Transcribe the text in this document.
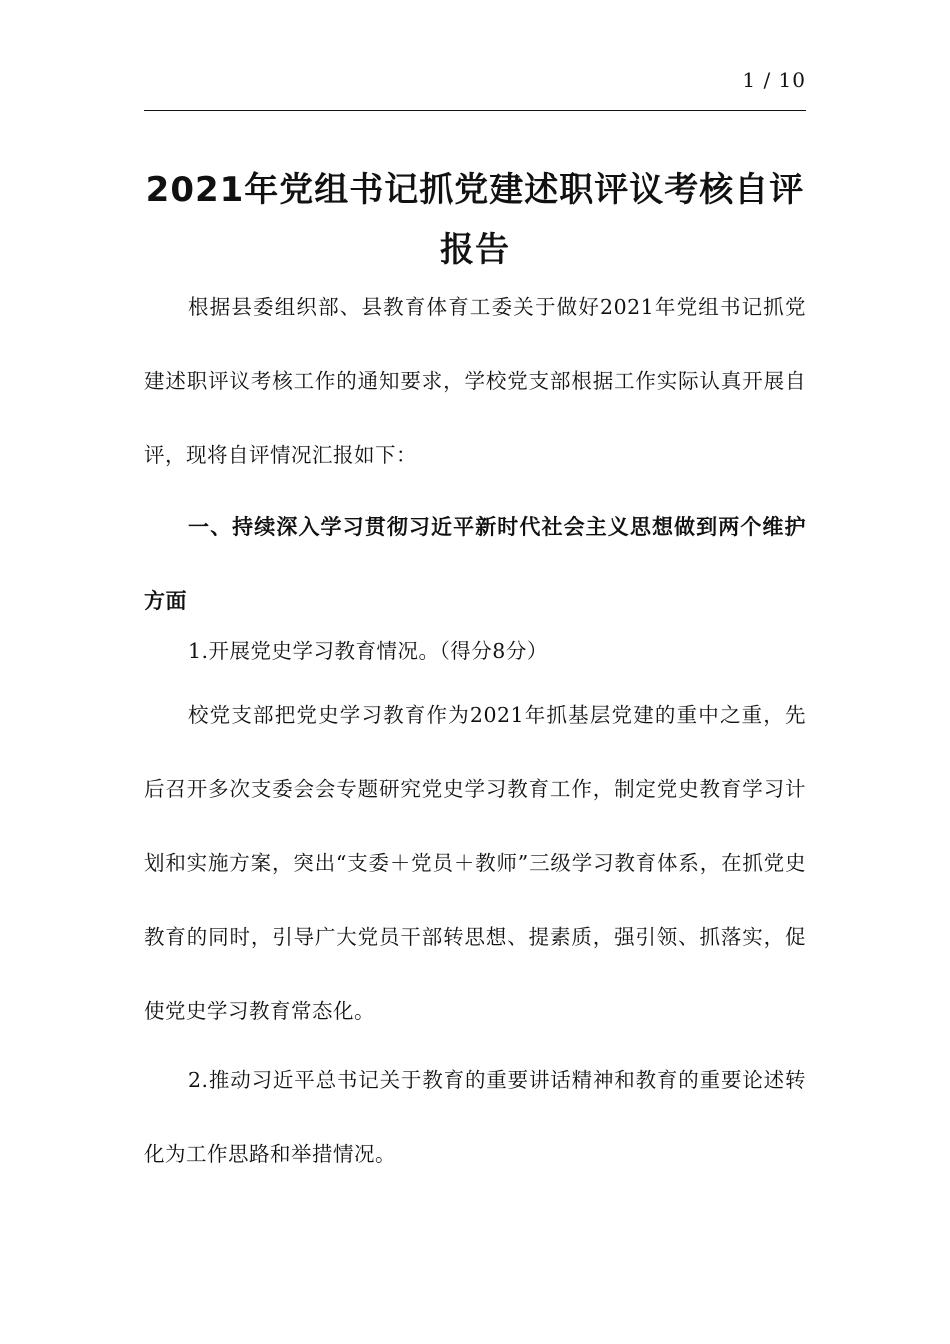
1 / 10
2021年党组书记抓党建述职评议考核自评报告

根据县委组织部、县教育体育工委关于做好2021年党组书记抓党建述职评议考核工作的通知要求，学校党支部根据工作实际认真开展自评，现将自评情况汇报如下：

一、持续深入学习贯彻习近平新时代社会主义思想做到两个维护方面

1.开展党史学习教育情况。（得分8分）

校党支部把党史学习教育作为2021年抓基层党建的重中之重，先后召开多次支委会会专题研究党史学习教育工作，制定党史教育学习计划和实施方案，突出“支委＋党员＋教师”三级学习教育体系，在抓党史教育的同时，引导广大党员干部转思想、提素质，强引领、抓落实，促使党史学习教育常态化。

2.推动习近平总书记关于教育的重要讲话精神和教育的重要论述转化为工作思路和举措情况。
